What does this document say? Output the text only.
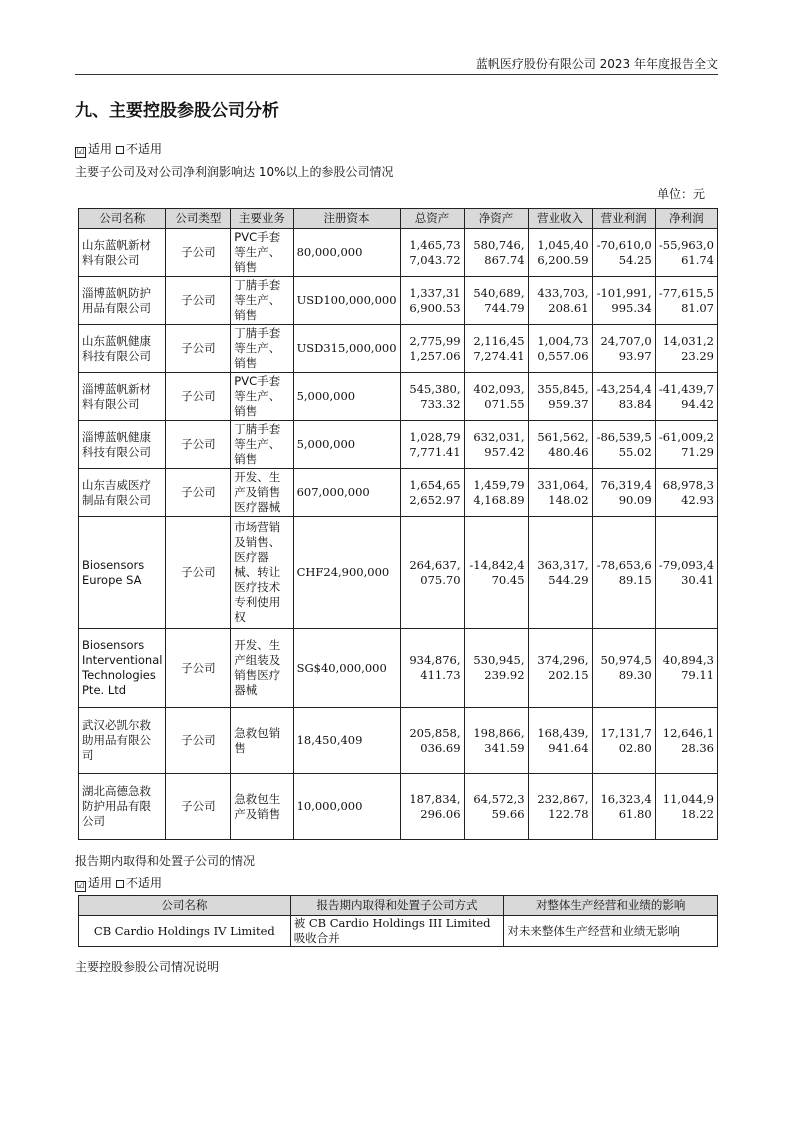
蓝帆医疗股份有限公司 2023 年年度报告全文
九、主要控股参股公司分析
☑ 适用 不适用
主要子公司及对公司净利润影响达 10%以上的参股公司情况
单位：元
公司名称	公司类型	主要业务	注册资本	总资产	净资产	营业收入	营业利润	净利润
山东蓝帆新材料有限公司	子公司	PVC手套等生产、销售	80,000,000	1,465,737,043.72	580,746,867.74	1,045,406,200.59	-70,610,054.25	-55,963,061.74
淄博蓝帆防护用品有限公司	子公司	丁腈手套等生产、销售	USD100,000,000	1,337,316,900.53	540,689,744.79	433,703,208.61	-101,991,995.34	-77,615,581.07
山东蓝帆健康科技有限公司	子公司	丁腈手套等生产、销售	USD315,000,000	2,775,991,257.06	2,116,457,274.41	1,004,730,557.06	24,707,093.97	14,031,223.29
淄博蓝帆新材料有限公司	子公司	PVC手套等生产、销售	5,000,000	545,380,733.32	402,093,071.55	355,845,959.37	-43,254,483.84	-41,439,794.42
淄博蓝帆健康科技有限公司	子公司	丁腈手套等生产、销售	5,000,000	1,028,797,771.41	632,031,957.42	561,562,480.46	-86,539,555.02	-61,009,271.29
山东吉威医疗制品有限公司	子公司	开发、生产及销售医疗器械	607,000,000	1,654,652,652.97	1,459,794,168.89	331,064,148.02	76,319,490.09	68,978,342.93
Biosensors Europe SA	子公司	市场营销及销售、医疗器械、转让医疗技术专利使用权	CHF24,900,000	264,637,075.70	-14,842,470.45	363,317,544.29	-78,653,689.15	-79,093,430.41
Biosensors Interventional Technologies Pte. Ltd	子公司	开发、生产组装及销售医疗器械	SG$40,000,000	934,876,411.73	530,945,239.92	374,296,202.15	50,974,589.30	40,894,379.11
武汉必凯尔救助用品有限公司	子公司	急救包销售	18,450,409	205,858,036.69	198,866,341.59	168,439,941.64	17,131,702.80	12,646,128.36
湖北高德急救防护用品有限公司	子公司	急救包生产及销售	10,000,000	187,834,296.06	64,572,359.66	232,867,122.78	16,323,461.80	11,044,918.22
报告期内取得和处置子公司的情况
☑ 适用 不适用
公司名称	报告期内取得和处置子公司方式	对整体生产经营和业绩的影响
CB Cardio Holdings IV Limited	被 CB Cardio Holdings III Limited 吸收合并	对未来整体生产经营和业绩无影响
主要控股参股公司情况说明
